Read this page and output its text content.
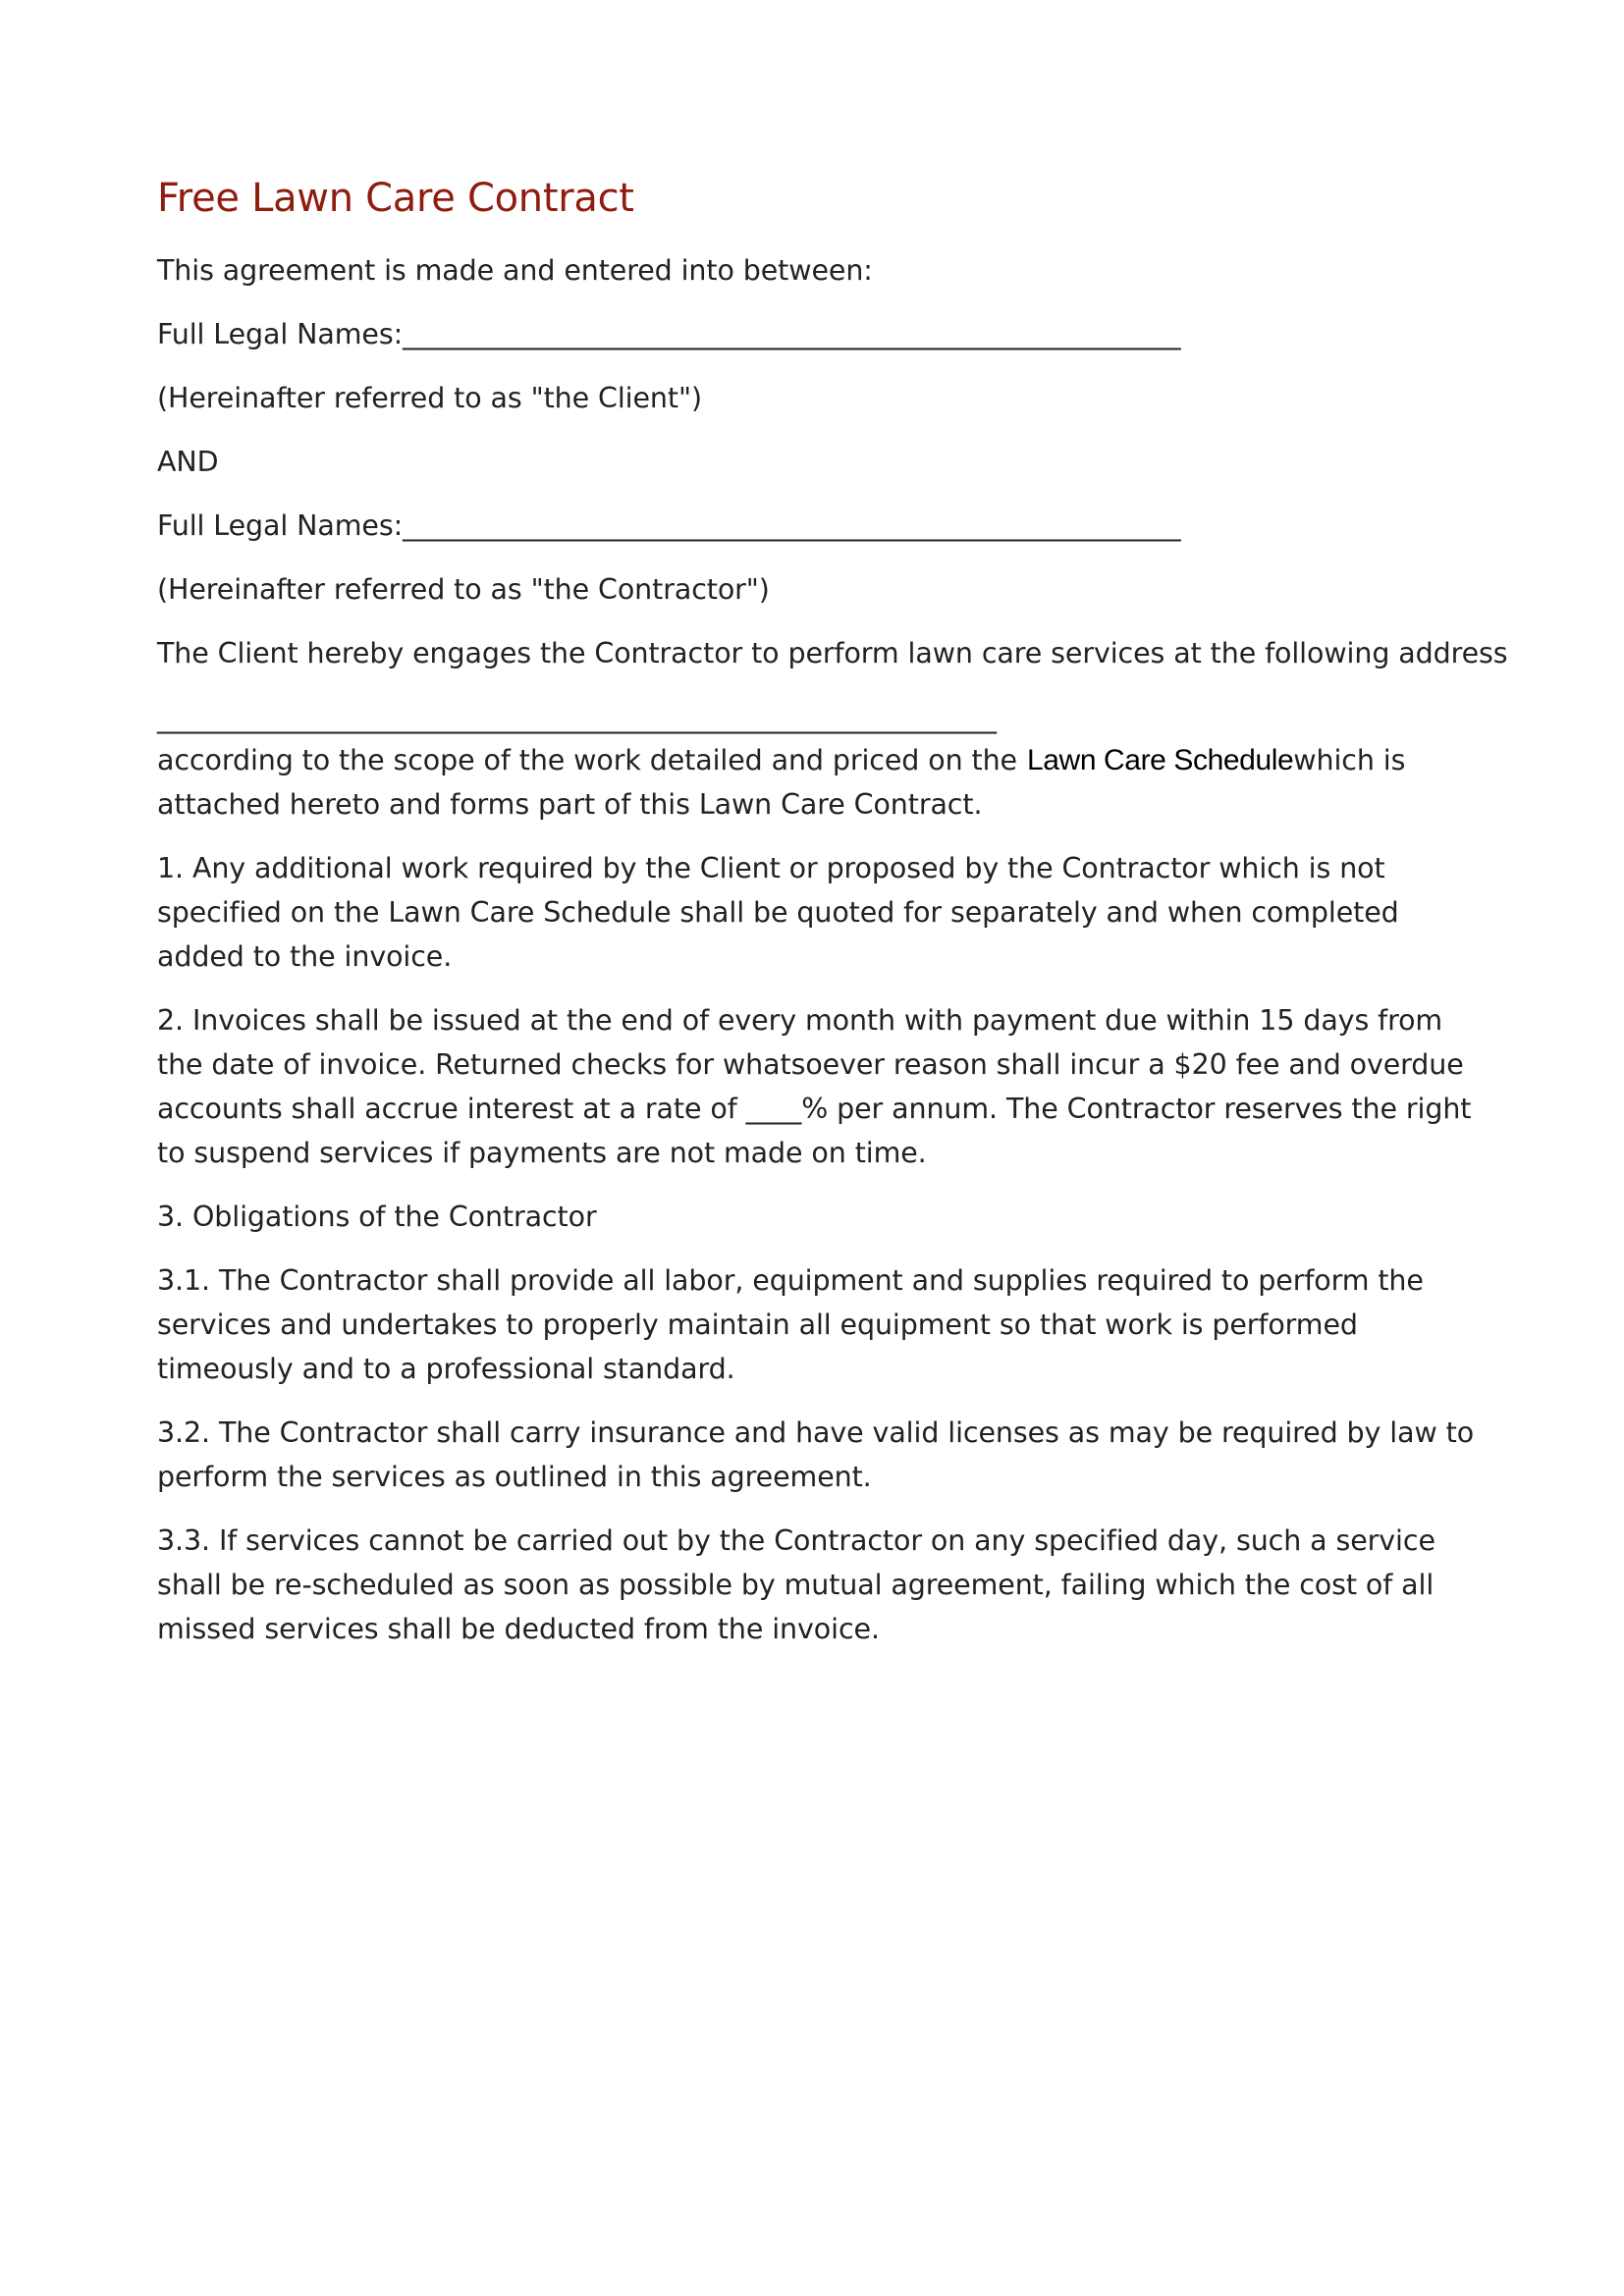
Free Lawn Care Contract

This agreement is made and entered into between:

Full Legal Names:________________________________________________________

(Hereinafter referred to as "the Client")

AND

Full Legal Names:________________________________________________________

(Hereinafter referred to as "the Contractor")

The Client hereby engages the Contractor to perform lawn care services at the following address

____________________________________________________________

according to the scope of the work detailed and priced on the Lawn Care Schedulewhich is attached hereto and forms part of this Lawn Care Contract.

1. Any additional work required by the Client or proposed by the Contractor which is not specified on the Lawn Care Schedule shall be quoted for separately and when completed added to the invoice.

2. Invoices shall be issued at the end of every month with payment due within 15 days from the date of invoice. Returned checks for whatsoever reason shall incur a $20 fee and overdue accounts shall accrue interest at a rate of ____% per annum. The Contractor reserves the right to suspend services if payments are not made on time.

3. Obligations of the Contractor

3.1. The Contractor shall provide all labor, equipment and supplies required to perform the services and undertakes to properly maintain all equipment so that work is performed timeously and to a professional standard.

3.2. The Contractor shall carry insurance and have valid licenses as may be required by law to perform the services as outlined in this agreement.

3.3. If services cannot be carried out by the Contractor on any specified day, such a service shall be re-scheduled as soon as possible by mutual agreement, failing which the cost of all missed services shall be deducted from the invoice.
